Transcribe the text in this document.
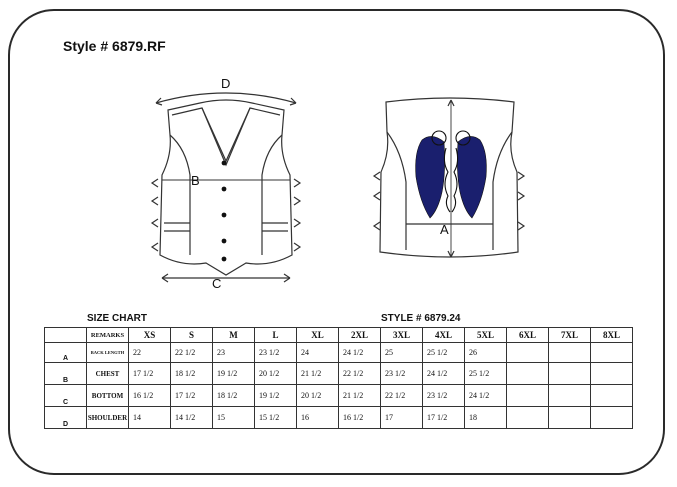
Style # 6879.RF
D
B
C
A
SIZE CHART	STYLE # 6879.24
	REMARKS	XS	S	M	L	XL	2XL	3XL	4XL	5XL	6XL	7XL	8XL
A	BACK LENGTH	22	22 1/2	23	23 1/2	24	24 1/2	25	25 1/2	26			
B	CHEST	17 1/2	18 1/2	19 1/2	20 1/2	21 1/2	22 1/2	23 1/2	24 1/2	25 1/2			
C	BOTTOM	16 1/2	17 1/2	18 1/2	19 1/2	20 1/2	21 1/2	22 1/2	23 1/2	24 1/2			
D	SHOULDER	14	14 1/2	15	15 1/2	16	16 1/2	17	17 1/2	18			
